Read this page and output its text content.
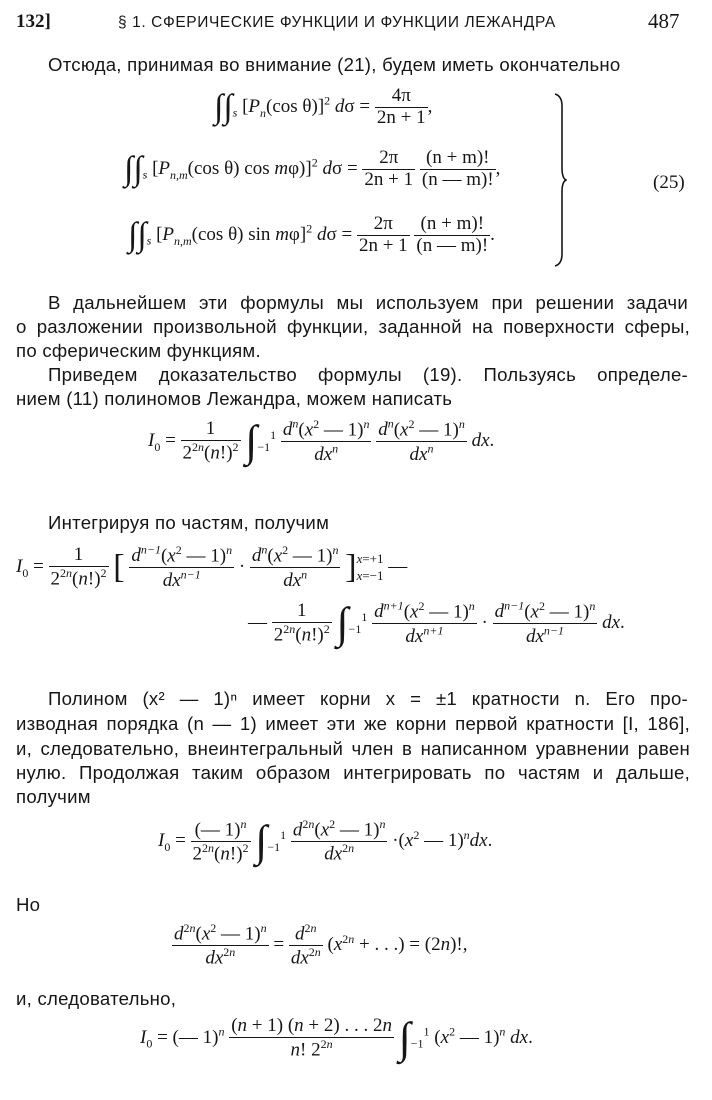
132]	§ 1. СФЕРИЧЕСКИЕ ФУНКЦИИ И ФУНКЦИИ ЛЕЖАНДРА	487
Отсюда, принимая во внимание (21), будем иметь окончательно
$\int\int_s$ [$P_n(\cos$ θ)]$^2$ $d\sigma = \frac{4\pi}{2n + 1}$ ,
$\int\int_s$ [$P_{n,m}(\cos$ θ) cos mφ)]$^2$ $d\sigma = \frac{2\pi}{2n + 1}$
$\frac{(n + m)!}{(n — m)!}$ ,
$\int\int_s$ [$P_{n,m}(\cos$ θ) sin mφ]$^2$ $d\sigma = \frac{2\pi}{2n + 1}$
$\frac{(n + m)!}{(n — m)!}$ .
(25)
В дальнейшем эти формулы мы используем при решении задачи
о разложении произвольной функции, заданной на поверхности сферы,
по сферическим функциям.
Приведем доказательство формулы (19). Пользуясь определе-
нием (11) полиномов Лежандра, можем написать
$I_0 = \frac{1}{2^{2n}(n!)^2} \int_{-1}^1 \frac{d^n(x^2 — 1)^n}{dx^n}$
$\frac{d^n(x^2 — 1)^n}{dx^n}$ dx.
Интегрируя по частям, получим
$I_0 = \frac{1}{2^{2n}(n!)^2}$ [ $\frac{d^{n-1}(x^2 — 1)^n}{dx^{n-1}} \cdot \frac{d^n(x^2 — 1)^n}{dx^n} ]x=+1$
x=−1 —
— $\frac{1}{2^{2n}(n!)^2} \int_{-1}^1 \frac{d^{n+1}(x^2 — 1)^n}{dx^{n+1}} \cdot \frac{d^{n-1}(x^2 — 1)^n}{dx^{n-1}}$ dx.
Полином (x² — 1)ⁿ имеет корни x = ±1 кратности n. Его про-
изводная порядка (n — 1) имеет эти же корни первой кратности [I, 186],
и, следовательно, внеинтегральный член в написанном уравнении равен
нулю. Продолжая таким образом интегрировать по частям и дальше,
получим
$I_0 = \frac{(— 1)^n}{2^{2n}(n!)^2} \int_{-1}^1 \frac{d^{2n}(x^2 — 1)^n}{dx^{2n}} \cdot(x^2$ — 1)$^n$dx.
Но
$\frac{d^{2n}(x^2 — 1)^n}{dx^{2n}} = \frac{d^{2n}}{dx^{2n}} (x^{2n}$ + . . .) = (2n)!,
и, следовательно,
$I_0$ = (— $1)^n \frac{(n + 1) (n + 2) . . . 2n}{n! 2^{2n}} \int_{-1}^1$ ($x^2$ — 1)$^n$ dx.
